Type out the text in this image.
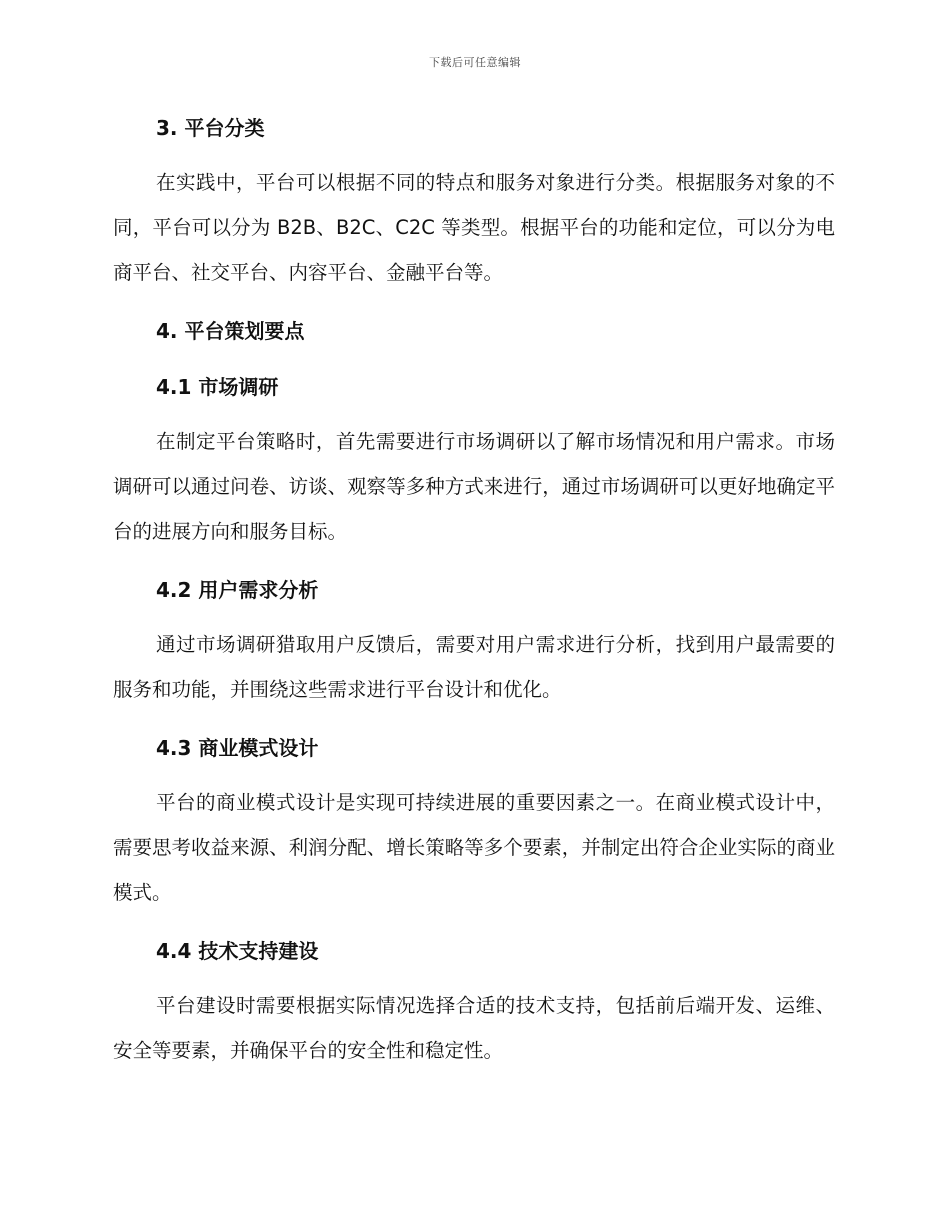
下载后可任意编辑
3. 平台分类

在实践中，平台可以根据不同的特点和服务对象进行分类。根据服务对象的不同，平台可以分为 B2B、B2C、C2C 等类型。根据平台的功能和定位，可以分为电商平台、社交平台、内容平台、金融平台等。

4. 平台策划要点
4.1 市场调研

在制定平台策略时，首先需要进行市场调研以了解市场情况和用户需求。市场调研可以通过问卷、访谈、观察等多种方式来进行，通过市场调研可以更好地确定平台的进展方向和服务目标。

4.2 用户需求分析

通过市场调研猎取用户反馈后，需要对用户需求进行分析，找到用户最需要的服务和功能，并围绕这些需求进行平台设计和优化。

4.3 商业模式设计

平台的商业模式设计是实现可持续进展的重要因素之一。在商业模式设计中，需要思考收益来源、利润分配、增长策略等多个要素，并制定出符合企业实际的商业模式。

4.4 技术支持建设

平台建设时需要根据实际情况选择合适的技术支持，包括前后端开发、运维、安全等要素，并确保平台的安全性和稳定性。
